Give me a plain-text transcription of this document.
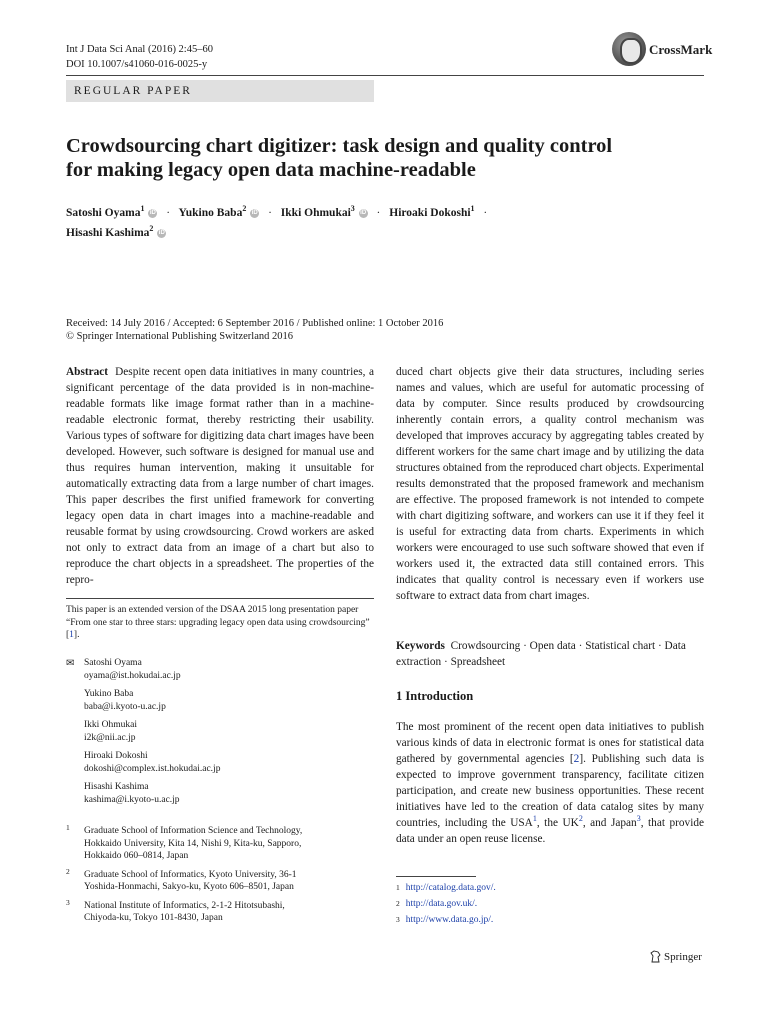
Int J Data Sci Anal (2016) 2:45–60
DOI 10.1007/s41060-016-0025-y
CrossMark
REGULAR PAPER
Crowdsourcing chart digitizer: task design and quality control
for making legacy open data machine-readable
Satoshi Oyama$^1$ iD · Yukino Baba$^2$ iD · Ikki Ohmukai$^3$ iD · Hiroaki Dokoshi$^1$ ·
Hisashi Kashima$^2$ iD
Received: 14 July 2016 / Accepted: 6 September 2016 / Published online: 1 October 2016
© Springer International Publishing Switzerland 2016
Abstract Despite recent open data initiatives in many countries, a significant percentage of the data provided is in non-machine-readable formats like image format rather than in a machine-readable electronic format, thereby restricting their usability. Various types of software for digitizing data chart images have been developed. However, such software is designed for manual use and thus requires human intervention, making it unsuitable for automatically extracting data from a large number of chart images. This paper describes the first unified framework for converting legacy open data in chart images into a machine-readable and reusable format by using crowdsourcing. Crowd workers are asked not only to extract data from an image of a chart but also to reproduce the chart objects in a spreadsheet. The properties of the repro-
duced chart objects give their data structures, including series names and values, which are useful for automatic processing of data by computer. Since results produced by crowdsourcing inherently contain errors, a quality control mechanism was developed that improves accuracy by aggregating tables created by different workers for the same chart image and by utilizing the data structures obtained from the reproduced chart objects. Experimental results demonstrated that the proposed framework and mechanism are effective. The proposed framework is not intended to compete with chart digitizing software, and workers can use it if they feel it is useful for extracting data from charts. Experiments in which workers were encouraged to use such software showed that even if workers used it, the extracted data still contained errors. This indicates that quality control is necessary even if workers use software to extract data from chart images.
Keywords Crowdsourcing · Open data · Statistical chart · Data extraction · Spreadsheet
1 Introduction
The most prominent of the recent open data initiatives to publish various kinds of data in electronic format is ones for statistical data gathered by governmental agencies [2]. Publishing such data is expected to improve government transparency, facilitate citizen participation, and create new business opportunities. These recent initiatives have led to the creation of data catalog sites by many countries, including the USA$^1$, the $UK^2$, and Japan$^3$, that provide data under an open reuse license.
This paper is an extended version of the DSAA 2015 long presentation paper “From one star to three stars: upgrading legacy open data using crowdsourcing” [1].
✉ Satoshi Oyama
oyama@ist.hokudai.ac.jp
Yukino Baba
baba@i.kyoto-u.ac.jp
Ikki Ohmukai
i2k@nii.ac.jp
Hiroaki Dokoshi
dokoshi@complex.ist.hokudai.ac.jp
Hisashi Kashima
kashima@i.kyoto-u.ac.jp
1 Graduate School of Information Science and Technology,
Hokkaido University, Kita 14, Nishi 9, Kita-ku, Sapporo,
Hokkaido 060–0814, Japan
2 Graduate School of Informatics, Kyoto University, 36-1
Yoshida-Honmachi, Sakyo-ku, Kyoto 606–8501, Japan
3 National Institute of Informatics, 2-1-2 Hitotsubashi,
Chiyoda-ku, Tokyo 101-8430, Japan
$^1$ http://catalog.data.gov/.
$^2$ http://data.gov.uk/.
$^3$ http://www.data.go.jp/.
Springer
